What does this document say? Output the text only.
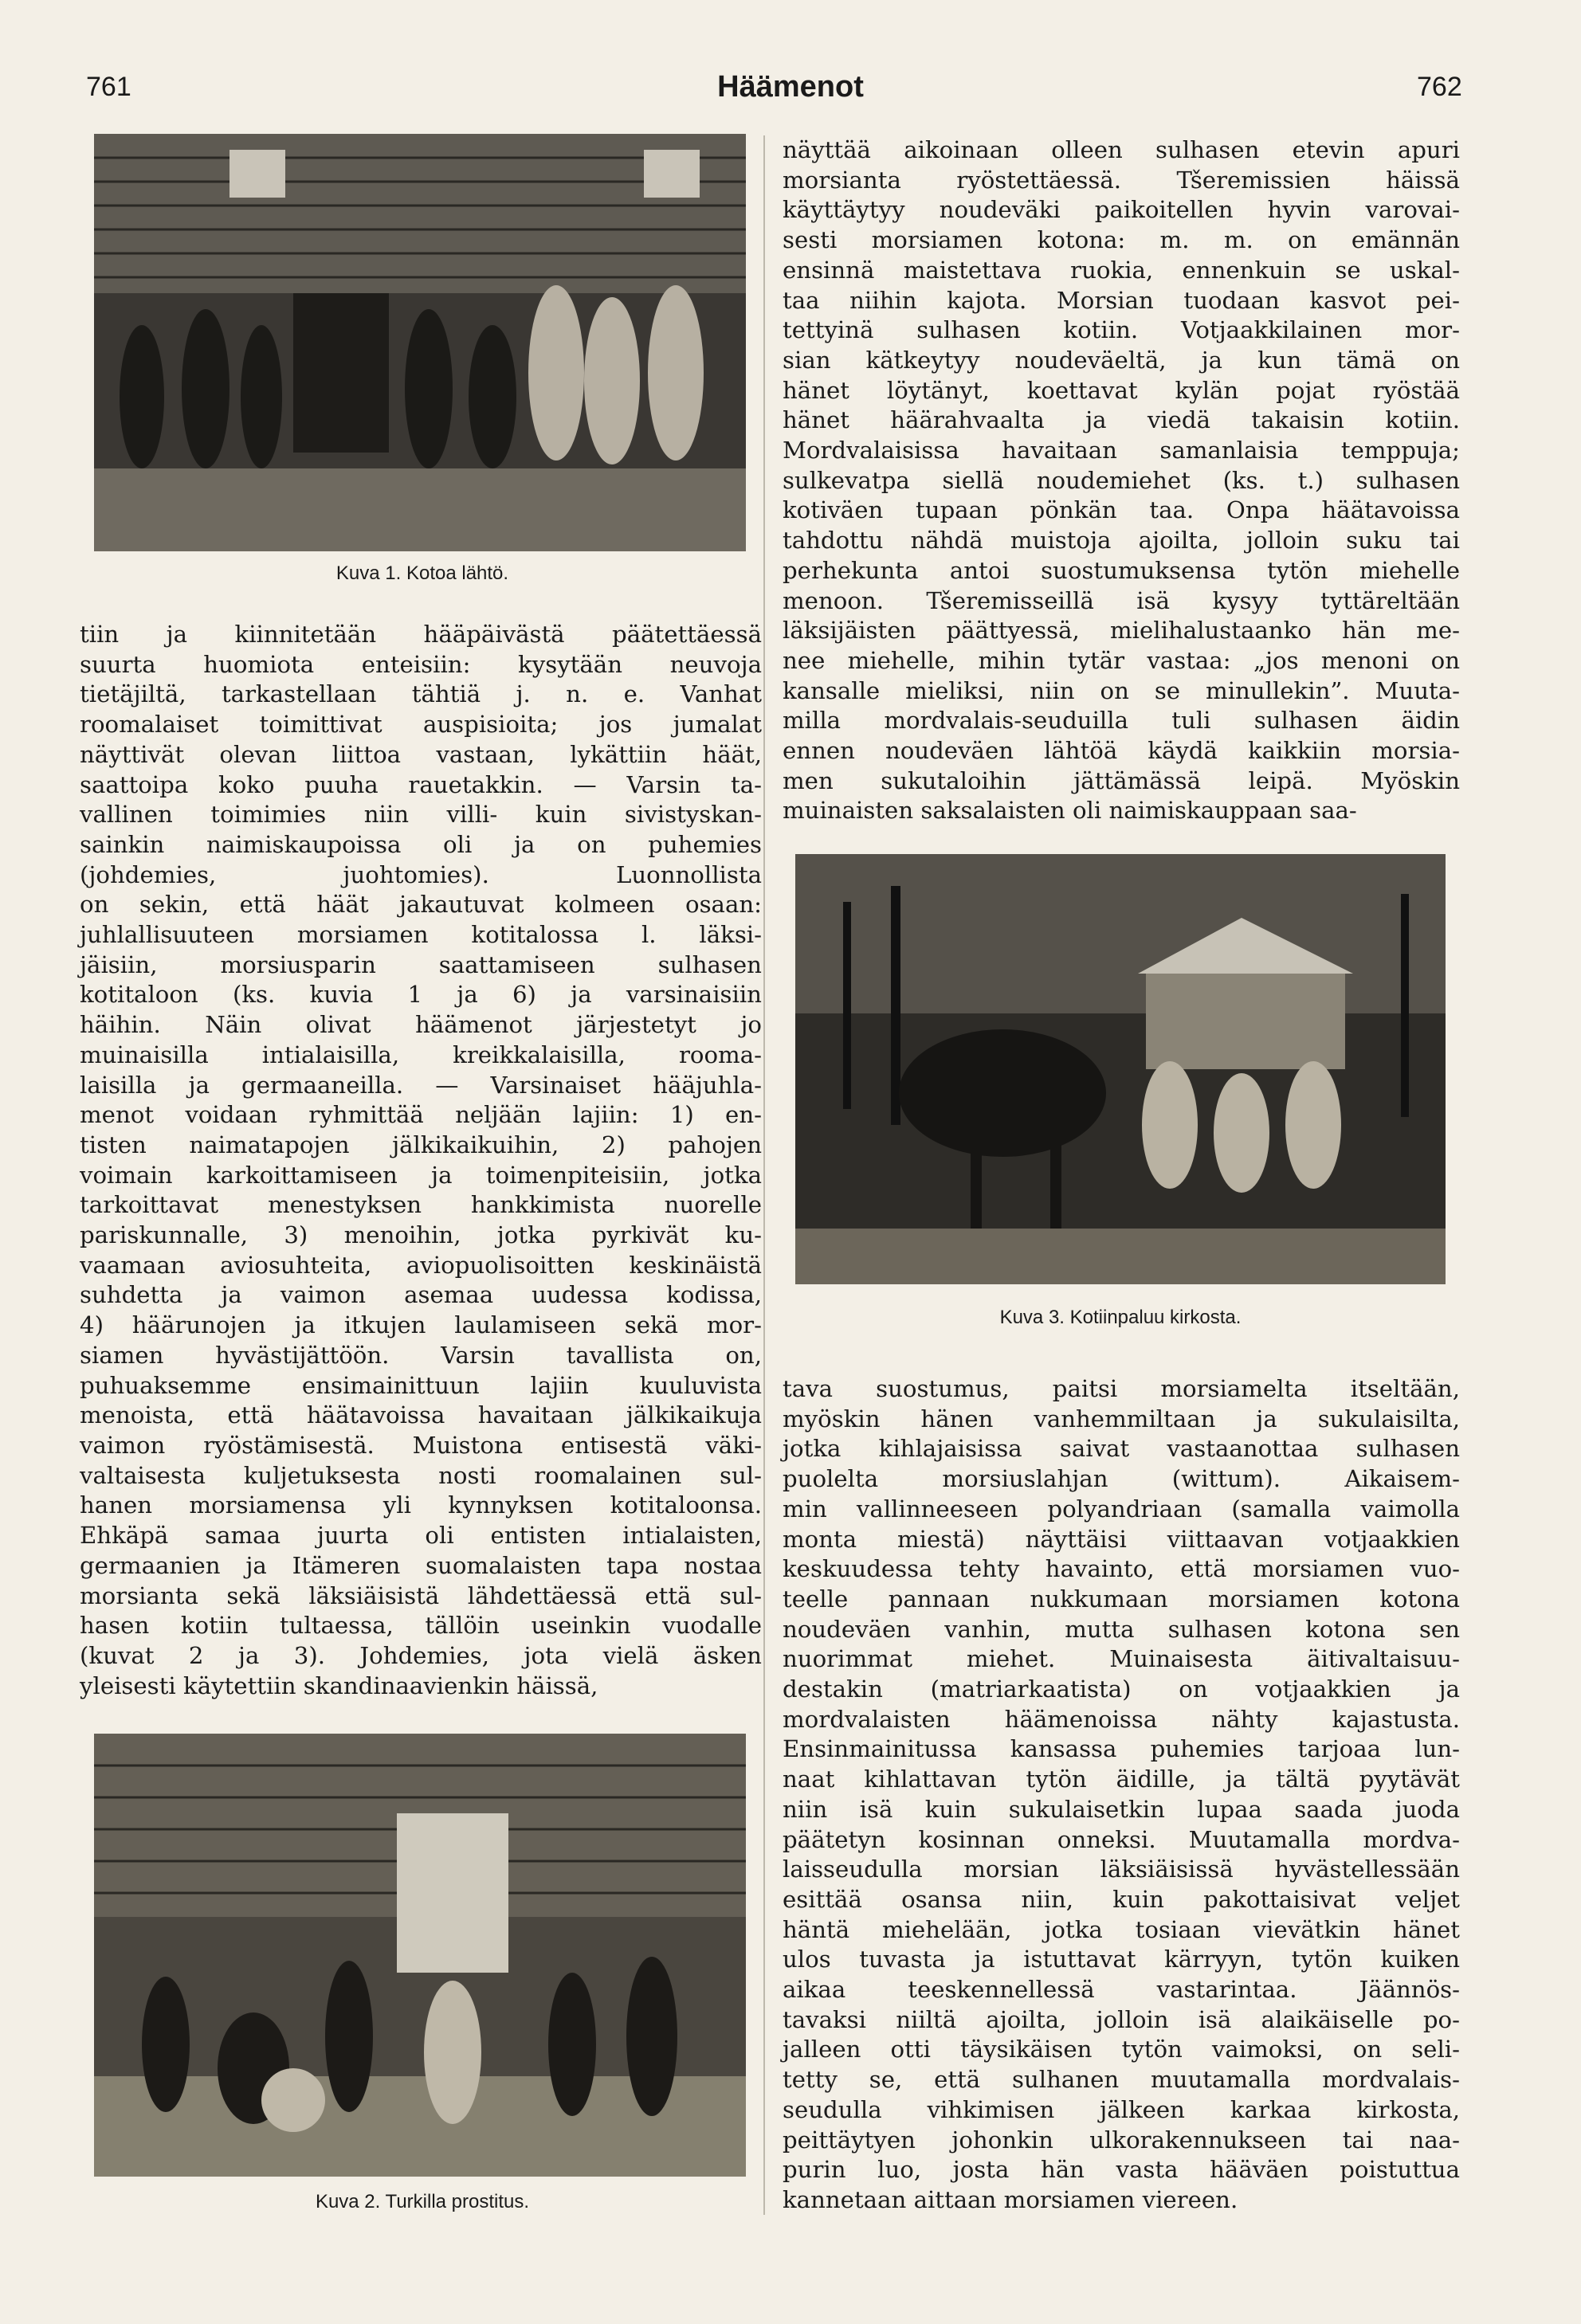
761	Häämenot	762
Kuva 1. Kotoa lähtö.
Kuva 2. Turkilla prostitus.
Kuva 3. Kotiinpaluu kirkosta.

tiin ja kiinnitetään hääpäivästä päätettäessä

suurta huomiota enteisiin: kysytään neuvoja

tietäjiltä, tarkastellaan tähtiä j. n. e. Vanhat

roomalaiset toimittivat auspisioita; jos jumalat

näyttivät olevan liittoa vastaan, lykättiin häät,

saattoipa koko puuha rauetakkin. — Varsin ta-

vallinen toimimies niin villi- kuin sivistyskan-

sainkin naimiskaupoissa oli ja on puhemies

(johdemies, juohtomies). Luonnollista

on sekin, että häät jakautuvat kolmeen osaan:

juhlallisuuteen morsiamen kotitalossa l. läksi-

jäisiin, morsiusparin saattamiseen sulhasen

kotitaloon (ks. kuvia 1 ja 6) ja varsinaisiin

häihin. Näin olivat häämenot järjestetyt jo

muinaisilla intialaisilla, kreikkalaisilla, rooma-

laisilla ja germaaneilla. — Varsinaiset hääjuhla-

menot voidaan ryhmittää neljään lajiin: 1) en-

tisten naimatapojen jälkikaikuihin, 2) pahojen

voimain karkoittamiseen ja toimenpiteisiin, jotka

tarkoittavat menestyksen hankkimista nuorelle

pariskunnalle, 3) menoihin, jotka pyrkivät ku-

vaamaan aviosuhteita, aviopuolisoitten keskinäistä

suhdetta ja vaimon asemaa uudessa kodissa,

4) häärunojen ja itkujen laulamiseen sekä mor-

siamen hyvästijättöön. Varsin tavallista on,

puhuaksemme ensimainittuun lajiin kuuluvista

menoista, että häätavoissa havaitaan jälkikaikuja

vaimon ryöstämisestä. Muistona entisestä väki-

valtaisesta kuljetuksesta nosti roomalainen sul-

hanen morsiamensa yli kynnyksen kotitaloonsa.

Ehkäpä samaa juurta oli entisten intialaisten,

germaanien ja Itämeren suomalaisten tapa nostaa

morsianta sekä läksiäisistä lähdettäessä että sul-

hasen kotiin tultaessa, tällöin useinkin vuodalle

(kuvat 2 ja 3). Johdemies, jota vielä äsken

yleisesti käytettiin skandinaavienkin häissä,

näyttää aikoinaan olleen sulhasen etevin apuri

morsianta ryöstettäessä. Tšeremissien häissä

käyttäytyy noudeväki paikoitellen hyvin varovai-

sesti morsiamen kotona: m. m. on emännän

ensinnä maistettava ruokia, ennenkuin se uskal-

taa niihin kajota. Morsian tuodaan kasvot pei-

tettyinä sulhasen kotiin. Votjaakkilainen mor-

sian kätkeytyy noudeväeltä, ja kun tämä on

hänet löytänyt, koettavat kylän pojat ryöstää

hänet häärahvaalta ja viedä takaisin kotiin.

Mordvalaisissa havaitaan samanlaisia temppuja;

sulkevatpa siellä noudemiehet (ks. t.) sulhasen

kotiväen tupaan pönkän taa. Onpa häätavoissa

tahdottu nähdä muistoja ajoilta, jolloin suku tai

perhekunta antoi suostumuksensa tytön miehelle

menoon. Tšeremisseillä isä kysyy tyttäreltään

läksijäisten päättyessä, mielihalustaanko hän me-

nee miehelle, mihin tytär vastaa: „jos menoni on

kansalle mieliksi, niin on se minullekin”. Muuta-

milla mordvalais-seuduilla tuli sulhasen äidin

ennen noudeväen lähtöä käydä kaikkiin morsia-

men sukutaloihin jättämässä leipä. Myöskin

muinaisten saksalaisten oli naimiskauppaan saa-

tava suostumus, paitsi morsiamelta itseltään,

myöskin hänen vanhemmiltaan ja sukulaisilta,

jotka kihlajaisissa saivat vastaanottaa sulhasen

puolelta morsiuslahjan (wittum). Aikaisem-

min vallinneeseen polyandriaan (samalla vaimolla

monta miestä) näyttäisi viittaavan votjaakkien

keskuudessa tehty havainto, että morsiamen vuo-

teelle pannaan nukkumaan morsiamen kotona

noudeväen vanhin, mutta sulhasen kotona sen

nuorimmat miehet. Muinaisesta äitivaltaisuu-

destakin (matriarkaatista) on votjaakkien ja

mordvalaisten häämenoissa nähty kajastusta.

Ensinmainitussa kansassa puhemies tarjoaa lun-

naat kihlattavan tytön äidille, ja tältä pyytävät

niin isä kuin sukulaisetkin lupaa saada juoda

päätetyn kosinnan onneksi. Muutamalla mordva-

laisseudulla morsian läksiäisissä hyvästellessään

esittää osansa niin, kuin pakottaisivat veljet

häntä miehelään, jotka tosiaan vievätkin hänet

ulos tuvasta ja istuttavat kärryyn, tytön kuiken

aikaa teeskennellessä vastarintaa. Jäännös-

tavaksi niiltä ajoilta, jolloin isä alaikäiselle po-

jalleen otti täysikäisen tytön vaimoksi, on seli-

tetty se, että sulhanen muutamalla mordvalais-

seudulla vihkimisen jälkeen karkaa kirkosta,

peittäytyen johonkin ulkorakennukseen tai naa-

purin luo, josta hän vasta hääväen poistuttua

kannetaan aittaan morsiamen viereen.
